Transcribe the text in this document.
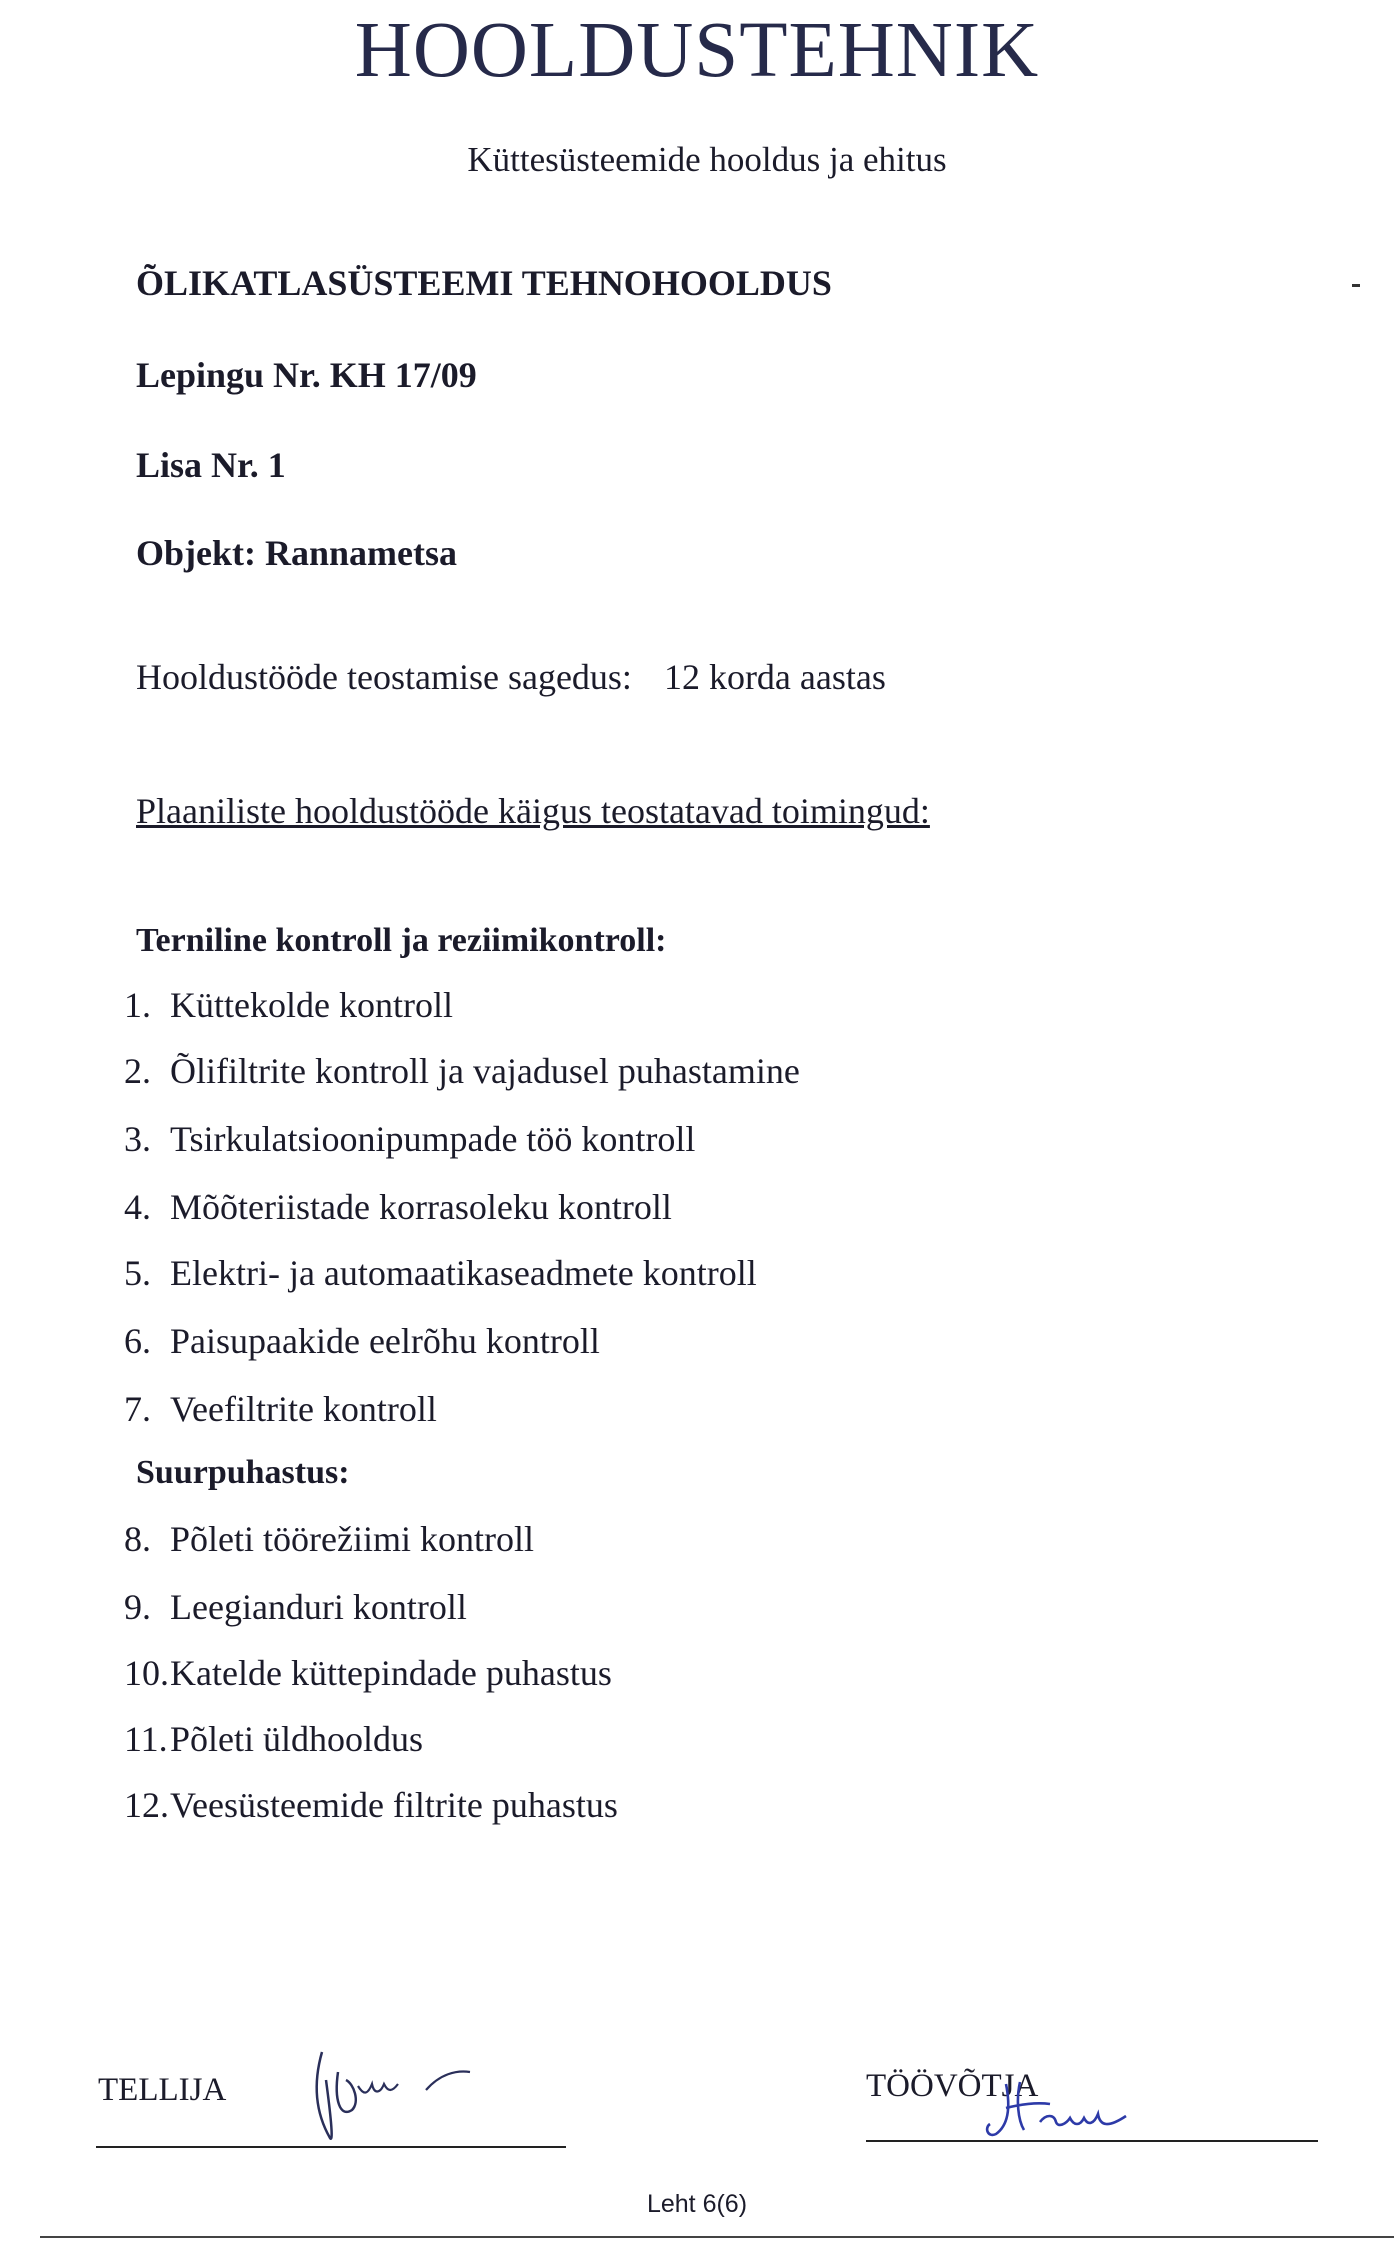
HOOLDUSTEHNIK
Küttesüsteemide hooldus ja ehitus
ÕLIKATLASÜSTEEMI TEHNOHOOLDUS
Lepingu Nr. KH 17/09
Lisa Nr. 1
Objekt: Rannametsa
Hooldustööde teostamise sagedus: 12 korda aastas
Plaaniliste hooldustööde käigus teostatavad toimingud:
Terniline kontroll ja reziimikontroll:
1. Küttekolde kontroll
2. Õlifiltrite kontroll ja vajadusel puhastamine
3. Tsirkulatsioonipumpade töö kontroll
4. Mõõteriistade korrasoleku kontroll
5. Elektri- ja automaatikaseadmete kontroll
6. Paisupaakide eelrõhu kontroll
7. Veefiltrite kontroll
Suurpuhastus:
8. Põleti töörežiimi kontroll
9. Leegianduri kontroll
10.Katelde küttepindade puhastus
11.Põleti üldhooldus
12.Veesüsteemide filtrite puhastus
TELLIJA	TÖÖVÕTJA
Leht 6(6)
